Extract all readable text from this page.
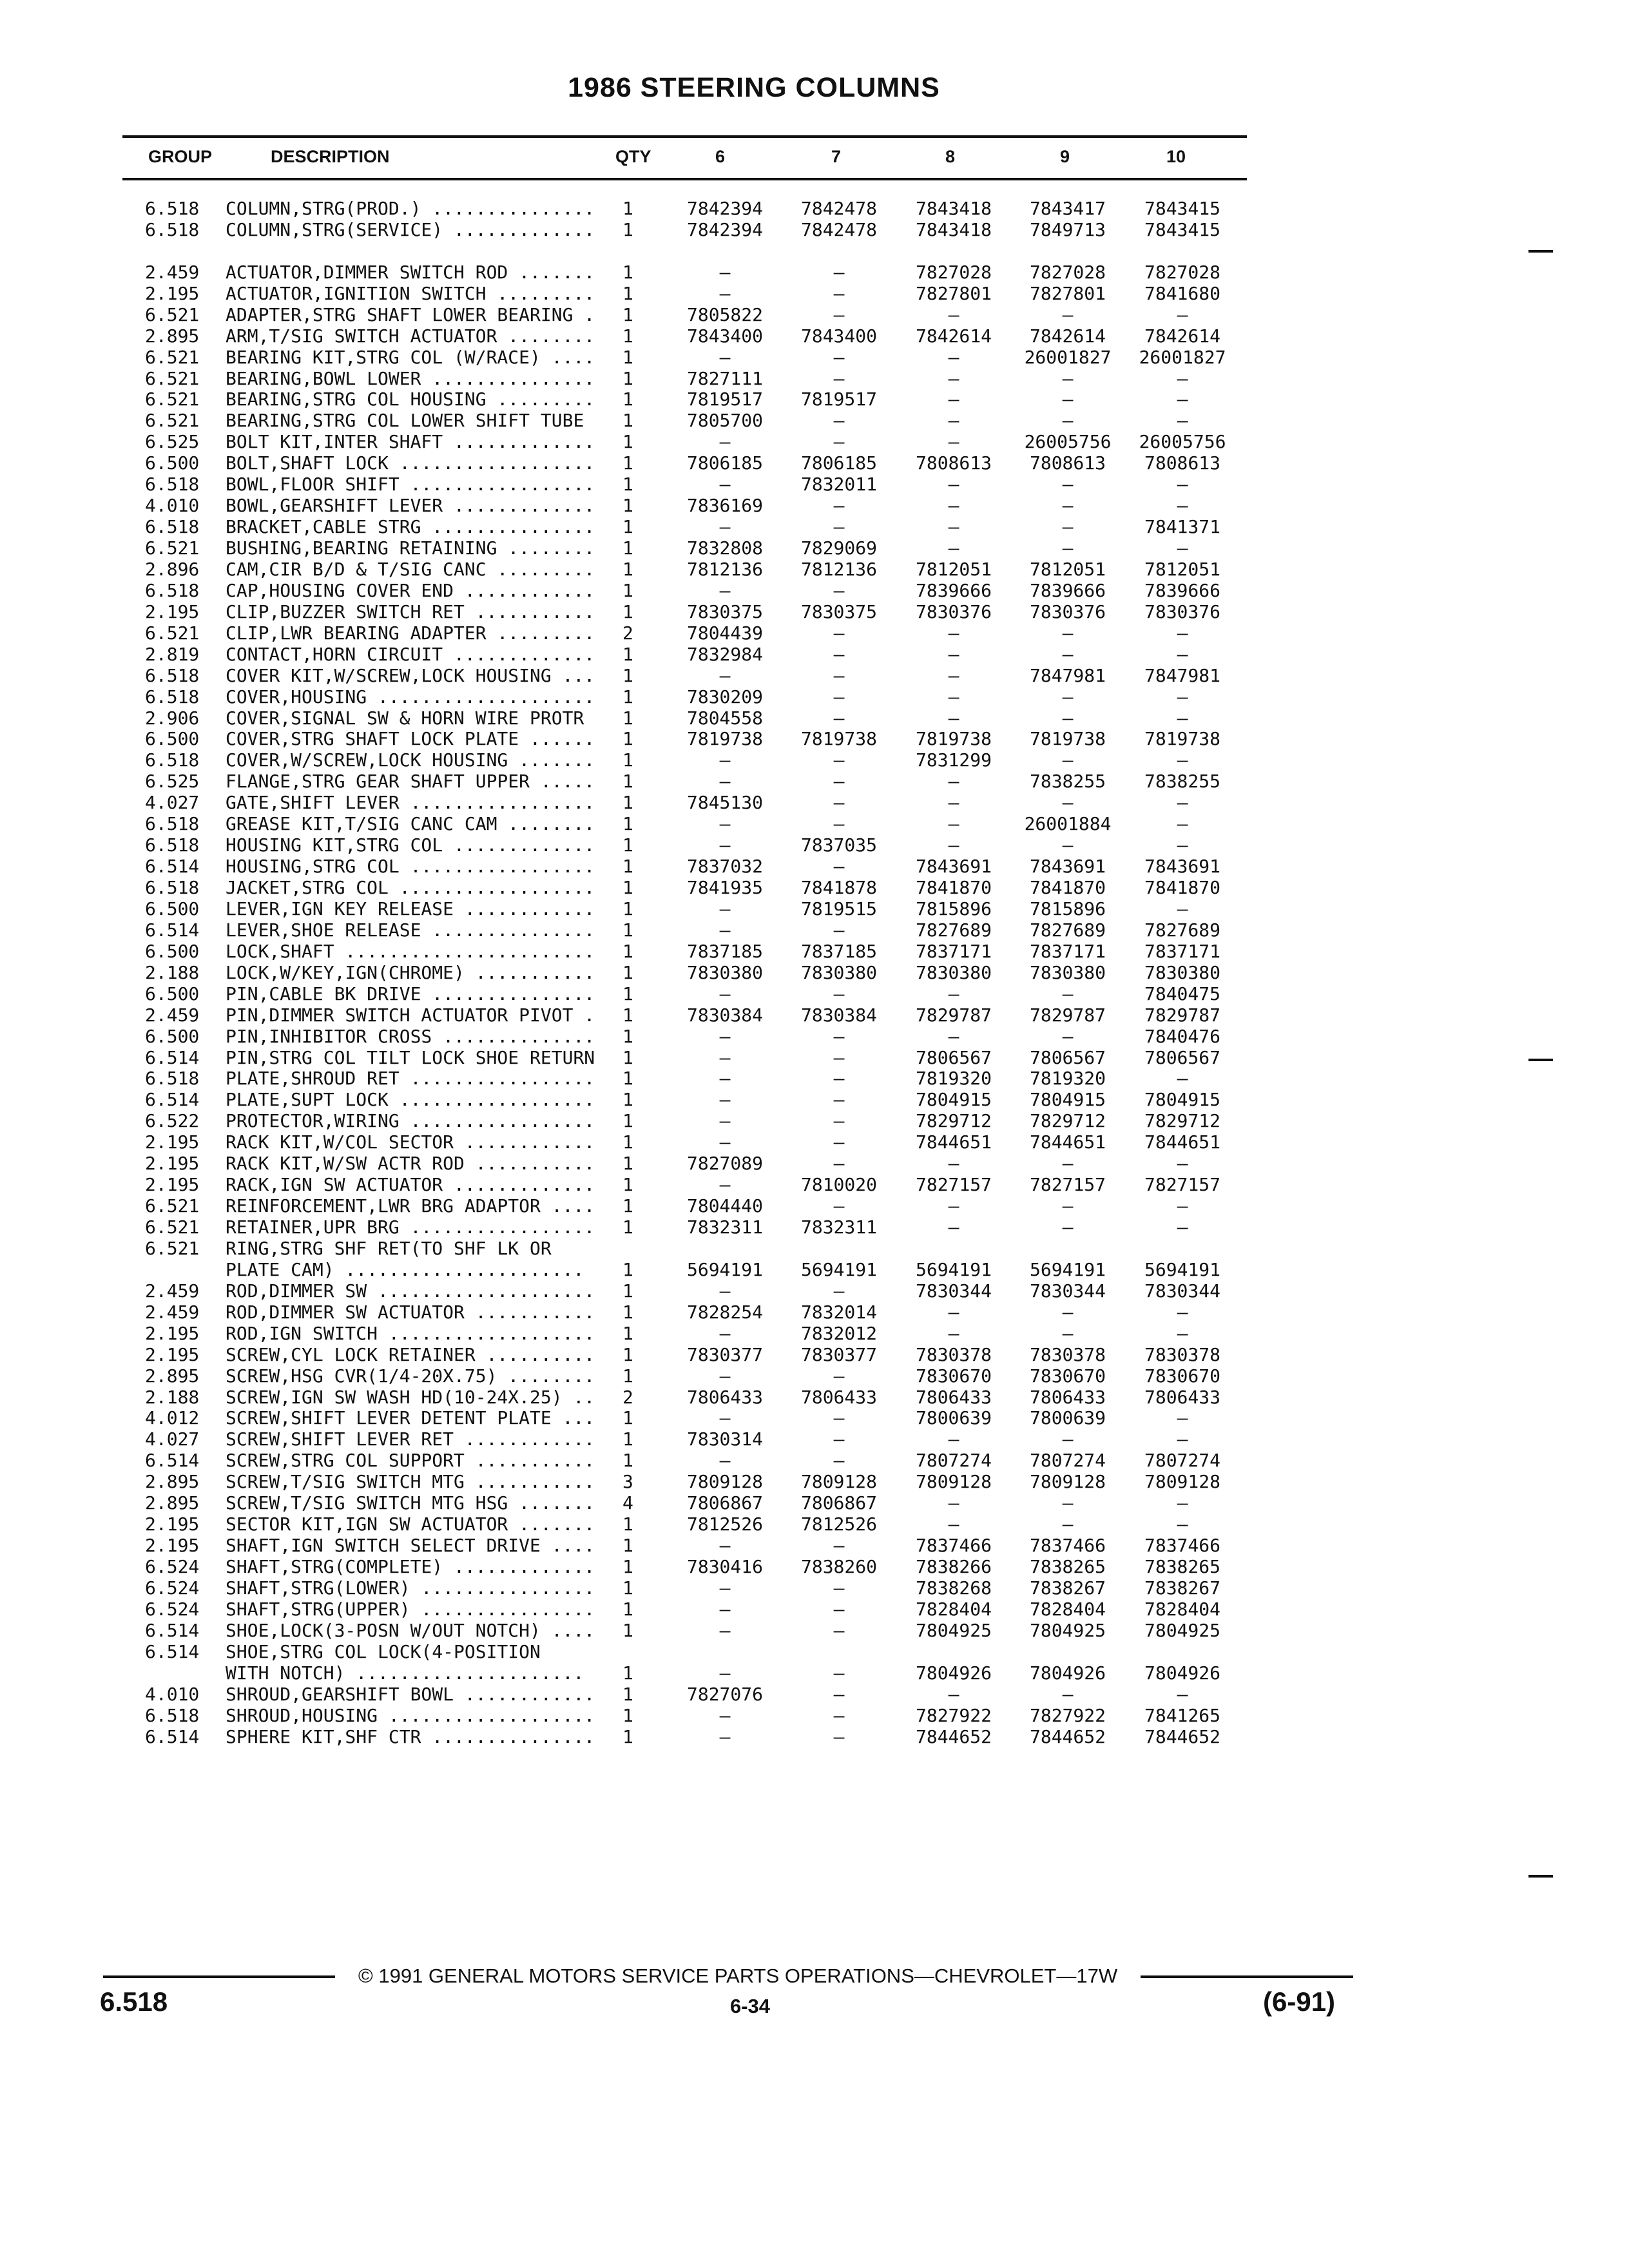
1986 STEERING COLUMNS
GROUP	DESCRIPTION	QTY	6	7	8	9	10
6.518 COLUMN,STRG(PROD.) ............... 1	7842394	7842478	7843418	7843417	7843415
6.518 COLUMN,STRG(SERVICE) ............. 1	7842394	7842478	7843418	7849713	7843415
2.459 ACTUATOR,DIMMER SWITCH ROD ....... 1	—	—	7827028	7827028	7827028
2.195 ACTUATOR,IGNITION SWITCH ......... 1	—	—	7827801	7827801	7841680
6.521 ADAPTER,STRG SHAFT LOWER BEARING . 1	7805822	—	—	—	—
2.895 ARM,T/SIG SWITCH ACTUATOR ........ 1	7843400	7843400	7842614	7842614	7842614
6.521 BEARING KIT,STRG COL (W/RACE) .... 1	—	—	—	26001827	26001827
6.521 BEARING,BOWL LOWER ............... 1	7827111	—	—	—	—
6.521 BEARING,STRG COL HOUSING ......... 1	7819517	7819517	—	—	—
6.521 BEARING,STRG COL LOWER SHIFT TUBE 1	7805700	—	—	—	—
6.525 BOLT KIT,INTER SHAFT ............. 1	—	—	—	26005756	26005756
6.500 BOLT,SHAFT LOCK .................. 1	7806185	7806185	7808613	7808613	7808613
6.518 BOWL,FLOOR SHIFT ................. 1	—	7832011	—	—	—
4.010 BOWL,GEARSHIFT LEVER ............. 1	7836169	—	—	—	—
6.518 BRACKET,CABLE STRG ............... 1	—	—	—	—	7841371
6.521 BUSHING,BEARING RETAINING ........ 1	7832808	7829069	—	—	—
2.896 CAM,CIR B/D & T/SIG CANC ......... 1	7812136	7812136	7812051	7812051	7812051
6.518 CAP,HOUSING COVER END ............ 1	—	—	7839666	7839666	7839666
2.195 CLIP,BUZZER SWITCH RET ........... 1	7830375	7830375	7830376	7830376	7830376
6.521 CLIP,LWR BEARING ADAPTER ......... 2	7804439	—	—	—	—
2.819 CONTACT,HORN CIRCUIT ............. 1	7832984	—	—	—	—
6.518 COVER KIT,W/SCREW,LOCK HOUSING ... 1	—	—	—	7847981	7847981
6.518 COVER,HOUSING .................... 1	7830209	—	—	—	—
2.906 COVER,SIGNAL SW & HORN WIRE PROTR 1	7804558	—	—	—	—
6.500 COVER,STRG SHAFT LOCK PLATE ...... 1	7819738	7819738	7819738	7819738	7819738
6.518 COVER,W/SCREW,LOCK HOUSING ....... 1	—	—	7831299	—	—
6.525 FLANGE,STRG GEAR SHAFT UPPER ..... 1	—	—	—	7838255	7838255
4.027 GATE,SHIFT LEVER ................. 1	7845130	—	—	—	—
6.518 GREASE KIT,T/SIG CANC CAM ........ 1	—	—	—	26001884	—
6.518 HOUSING KIT,STRG COL ............. 1	—	7837035	—	—	—
6.514 HOUSING,STRG COL ................. 1	7837032	—	7843691	7843691	7843691
6.518 JACKET,STRG COL .................. 1	7841935	7841878	7841870	7841870	7841870
6.500 LEVER,IGN KEY RELEASE ............ 1	—	7819515	7815896	7815896	—
6.514 LEVER,SHOE RELEASE ............... 1	—	—	7827689	7827689	7827689
6.500 LOCK,SHAFT ....................... 1	7837185	7837185	7837171	7837171	7837171
2.188 LOCK,W/KEY,IGN(CHROME) ........... 1	7830380	7830380	7830380	7830380	7830380
6.500 PIN,CABLE BK DRIVE ............... 1	—	—	—	—	7840475
2.459 PIN,DIMMER SWITCH ACTUATOR PIVOT . 1	7830384	7830384	7829787	7829787	7829787
6.500 PIN,INHIBITOR CROSS .............. 1	—	—	—	—	7840476
6.514 PIN,STRG COL TILT LOCK SHOE RETURN 1	—	—	7806567	7806567	7806567
6.518 PLATE,SHROUD RET ................. 1	—	—	7819320	7819320	—
6.514 PLATE,SUPT LOCK .................. 1	—	—	7804915	7804915	7804915
6.522 PROTECTOR,WIRING ................. 1	—	—	7829712	7829712	7829712
2.195 RACK KIT,W/COL SECTOR ............ 1	—	—	7844651	7844651	7844651
2.195 RACK KIT,W/SW ACTR ROD ........... 1	7827089	—	—	—	—
2.195 RACK,IGN SW ACTUATOR ............. 1	—	7810020	7827157	7827157	7827157
6.521 REINFORCEMENT,LWR BRG ADAPTOR .... 1	7804440	—	—	—	—
6.521 RETAINER,UPR BRG ................. 1	7832311	7832311	—	—	—
6.521 RING,STRG SHF RET(TO SHF LK OR
PLATE CAM) ...................... 1	5694191	5694191	5694191	5694191	5694191
2.459 ROD,DIMMER SW .................... 1	—	—	7830344	7830344	7830344
2.459 ROD,DIMMER SW ACTUATOR ........... 1	7828254	7832014	—	—	—
2.195 ROD,IGN SWITCH ................... 1	—	7832012	—	—	—
2.195 SCREW,CYL LOCK RETAINER .......... 1	7830377	7830377	7830378	7830378	7830378
2.895 SCREW,HSG CVR(1/4-20X.75) ........ 1	—	—	7830670	7830670	7830670
2.188 SCREW,IGN SW WASH HD(10-24X.25) .. 2	7806433	7806433	7806433	7806433	7806433
4.012 SCREW,SHIFT LEVER DETENT PLATE ... 1	—	—	7800639	7800639	—
4.027 SCREW,SHIFT LEVER RET ............ 1	7830314	—	—	—	—
6.514 SCREW,STRG COL SUPPORT ........... 1	—	—	7807274	7807274	7807274
2.895 SCREW,T/SIG SWITCH MTG ........... 3	7809128	7809128	7809128	7809128	7809128
2.895 SCREW,T/SIG SWITCH MTG HSG ....... 4	7806867	7806867	—	—	—
2.195 SECTOR KIT,IGN SW ACTUATOR ....... 1	7812526	7812526	—	—	—
2.195 SHAFT,IGN SWITCH SELECT DRIVE .... 1	—	—	7837466	7837466	7837466
6.524 SHAFT,STRG(COMPLETE) ............. 1	7830416	7838260	7838266	7838265	7838265
6.524 SHAFT,STRG(LOWER) ................ 1	—	—	7838268	7838267	7838267
6.524 SHAFT,STRG(UPPER) ................ 1	—	—	7828404	7828404	7828404
6.514 SHOE,LOCK(3-POSN W/OUT NOTCH) .... 1	—	—	7804925	7804925	7804925
6.514 SHOE,STRG COL LOCK(4-POSITION
WITH NOTCH) ..................... 1	—	—	7804926	7804926	7804926
4.010 SHROUD,GEARSHIFT BOWL ............ 1	7827076	—	—	—	—
6.518 SHROUD,HOUSING ................... 1	—	—	7827922	7827922	7841265
6.514 SPHERE KIT,SHF CTR ............... 1	—	—	7844652	7844652	7844652
© 1991 GENERAL MOTORS SERVICE PARTS OPERATIONS—CHEVROLET—17W
6-34
6.518	(6-91)
